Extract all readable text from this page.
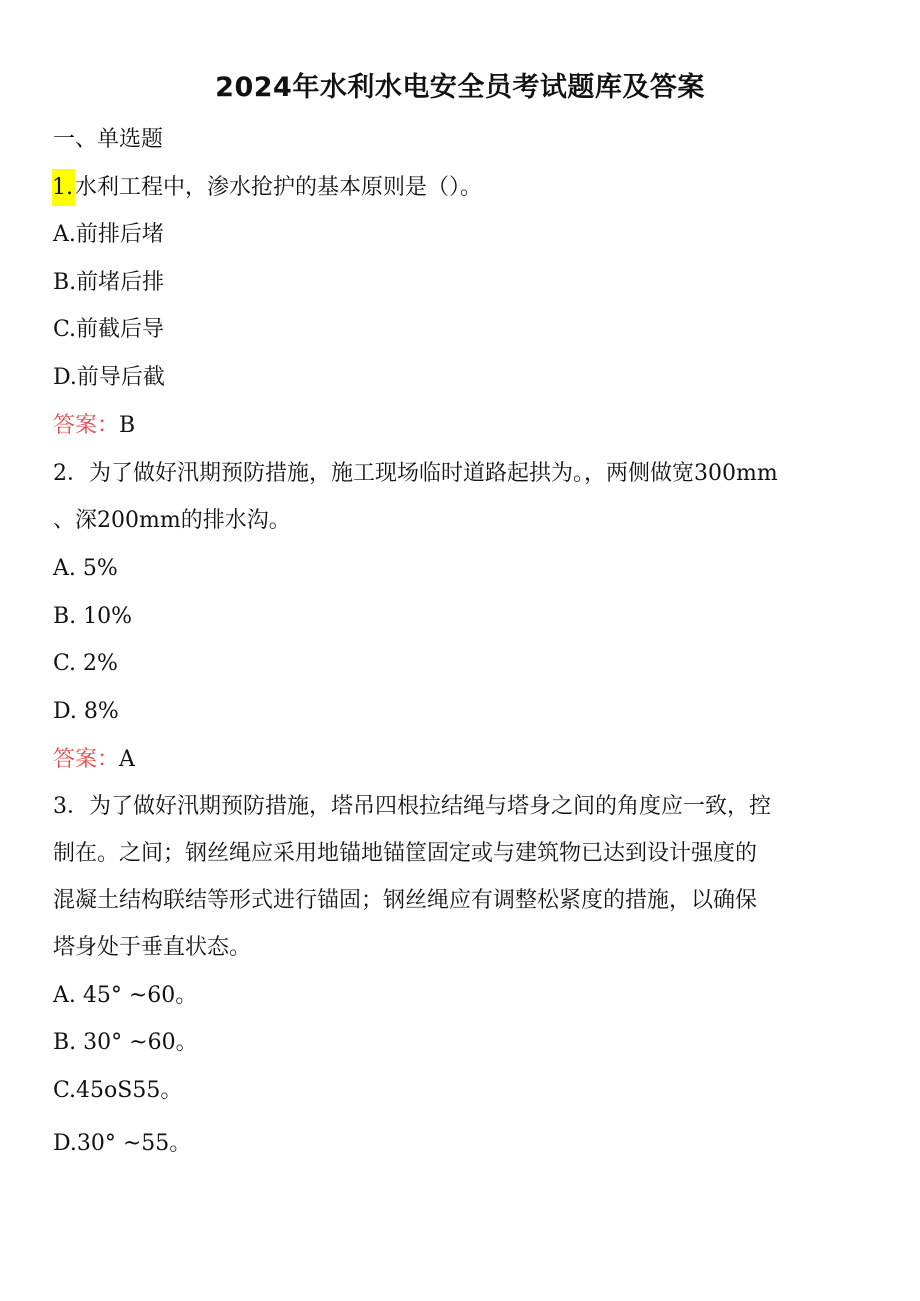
2024年水利水电安全员考试题库及答案
一、单选题
1.水利工程中，渗水抢护的基本原则是（）。
A.前排后堵
B.前堵后排
C.前截后导
D.前导后截
答案：B
2．为了做好汛期预防措施，施工现场临时道路起拱为。，两侧做宽300mm
、深200mm的排水沟。
A. 5%
B. 10%
C. 2%
D. 8%
答案：A
3．为了做好汛期预防措施，塔吊四根拉结绳与塔身之间的角度应一致，控
制在。之间；钢丝绳应采用地锚地锚筐固定或与建筑物已达到设计强度的
混凝土结构联结等形式进行锚固；钢丝绳应有调整松紧度的措施，以确保
塔身处于垂直状态。
A. 45° ~60。
B. 30° ~60。
C.45oS55。
D.30° ~55。
